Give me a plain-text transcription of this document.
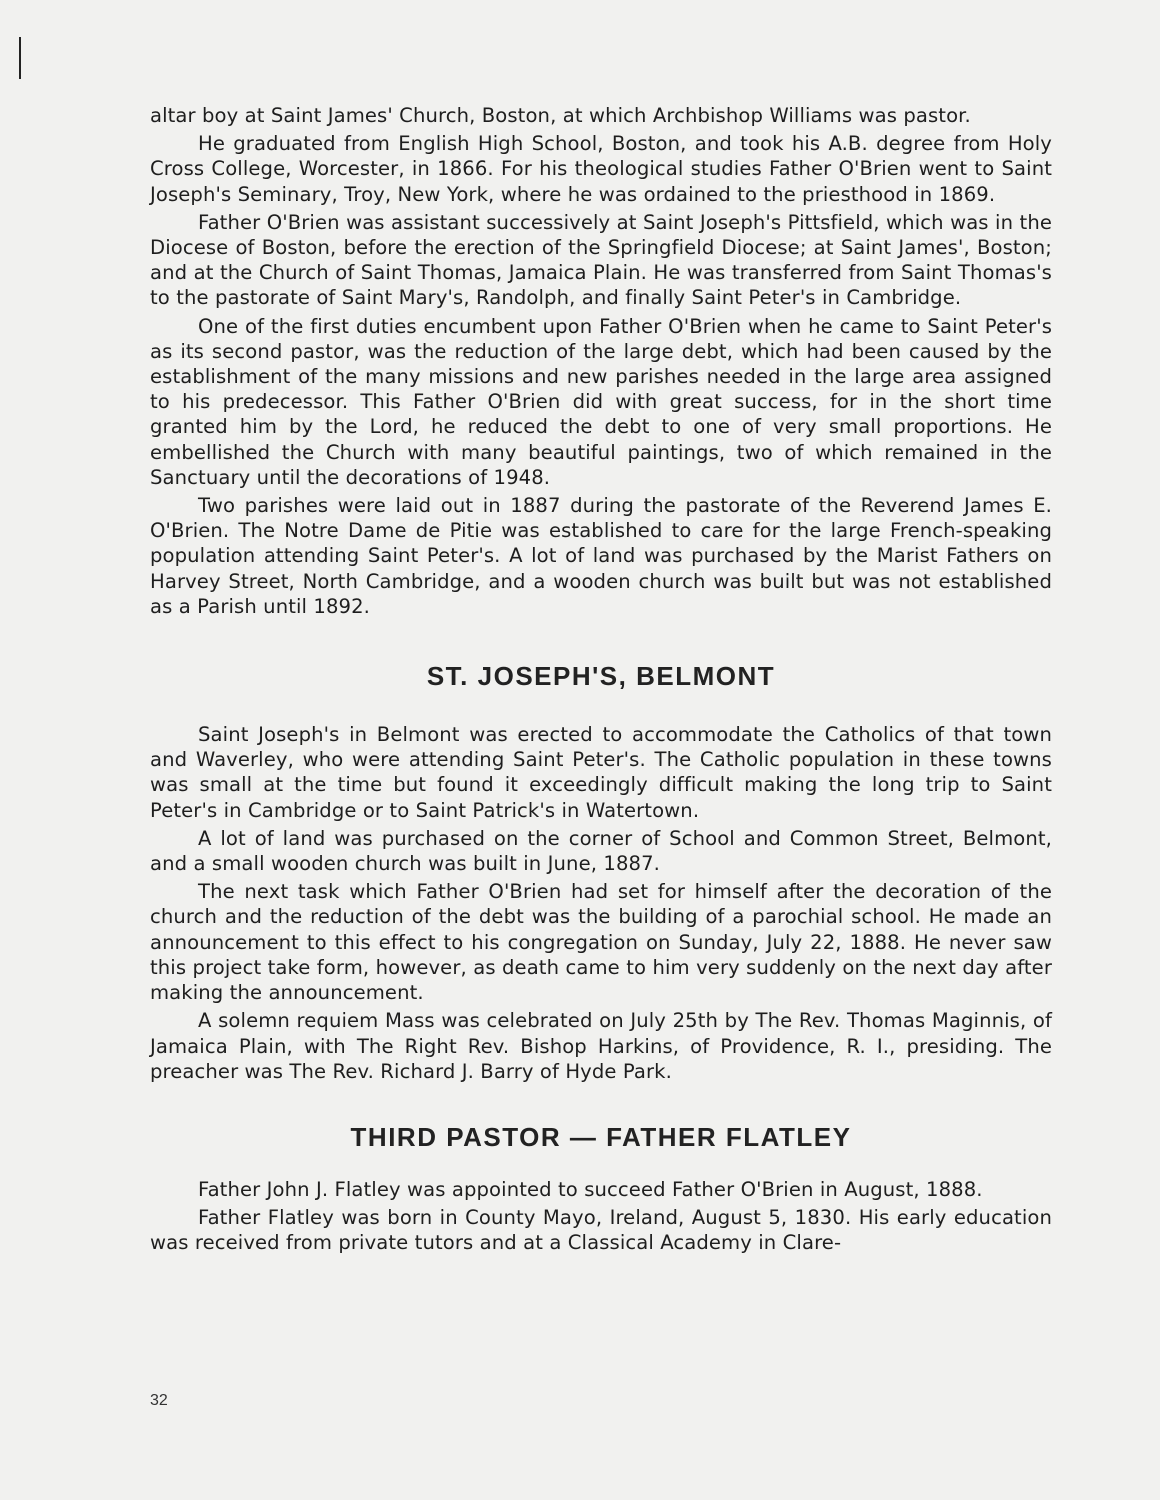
altar boy at Saint James' Church, Boston, at which Archbishop Williams was pastor.

He graduated from English High School, Boston, and took his A.B. degree from Holy Cross College, Worcester, in 1866. For his theological studies Father O'Brien went to Saint Joseph's Seminary, Troy, New York, where he was ordained to the priesthood in 1869.

Father O'Brien was assistant successively at Saint Joseph's Pittsfield, which was in the Diocese of Boston, before the erection of the Springfield Diocese; at Saint James', Boston; and at the Church of Saint Thomas, Jamaica Plain. He was transferred from Saint Thomas's to the pastorate of Saint Mary's, Randolph, and finally Saint Peter's in Cambridge.

One of the first duties encumbent upon Father O'Brien when he came to Saint Peter's as its second pastor, was the reduction of the large debt, which had been caused by the establishment of the many missions and new parishes needed in the large area assigned to his predecessor. This Father O'Brien did with great success, for in the short time granted him by the Lord, he reduced the debt to one of very small proportions. He embellished the Church with many beautiful paintings, two of which remained in the Sanctuary until the decorations of 1948.

Two parishes were laid out in 1887 during the pastorate of the Reverend James E. O'Brien. The Notre Dame de Pitie was established to care for the large French-speaking population attending Saint Peter's. A lot of land was purchased by the Marist Fathers on Harvey Street, North Cambridge, and a wooden church was built but was not established as a Parish until 1892.

ST. JOSEPH'S, BELMONT

Saint Joseph's in Belmont was erected to accommodate the Catholics of that town and Waverley, who were attending Saint Peter's. The Catholic population in these towns was small at the time but found it exceedingly difficult making the long trip to Saint Peter's in Cambridge or to Saint Patrick's in Watertown.

A lot of land was purchased on the corner of School and Common Street, Belmont, and a small wooden church was built in June, 1887.

The next task which Father O'Brien had set for himself after the decoration of the church and the reduction of the debt was the building of a parochial school. He made an announcement to this effect to his congregation on Sunday, July 22, 1888. He never saw this project take form, however, as death came to him very suddenly on the next day after making the announcement.

A solemn requiem Mass was celebrated on July 25th by The Rev. Thomas Maginnis, of Jamaica Plain, with The Right Rev. Bishop Harkins, of Providence, R. I., presiding. The preacher was The Rev. Richard J. Barry of Hyde Park.

THIRD PASTOR — FATHER FLATLEY

Father John J. Flatley was appointed to succeed Father O'Brien in August, 1888.

Father Flatley was born in County Mayo, Ireland, August 5, 1830. His early education was received from private tutors and at a Classical Academy in Clare-

32
